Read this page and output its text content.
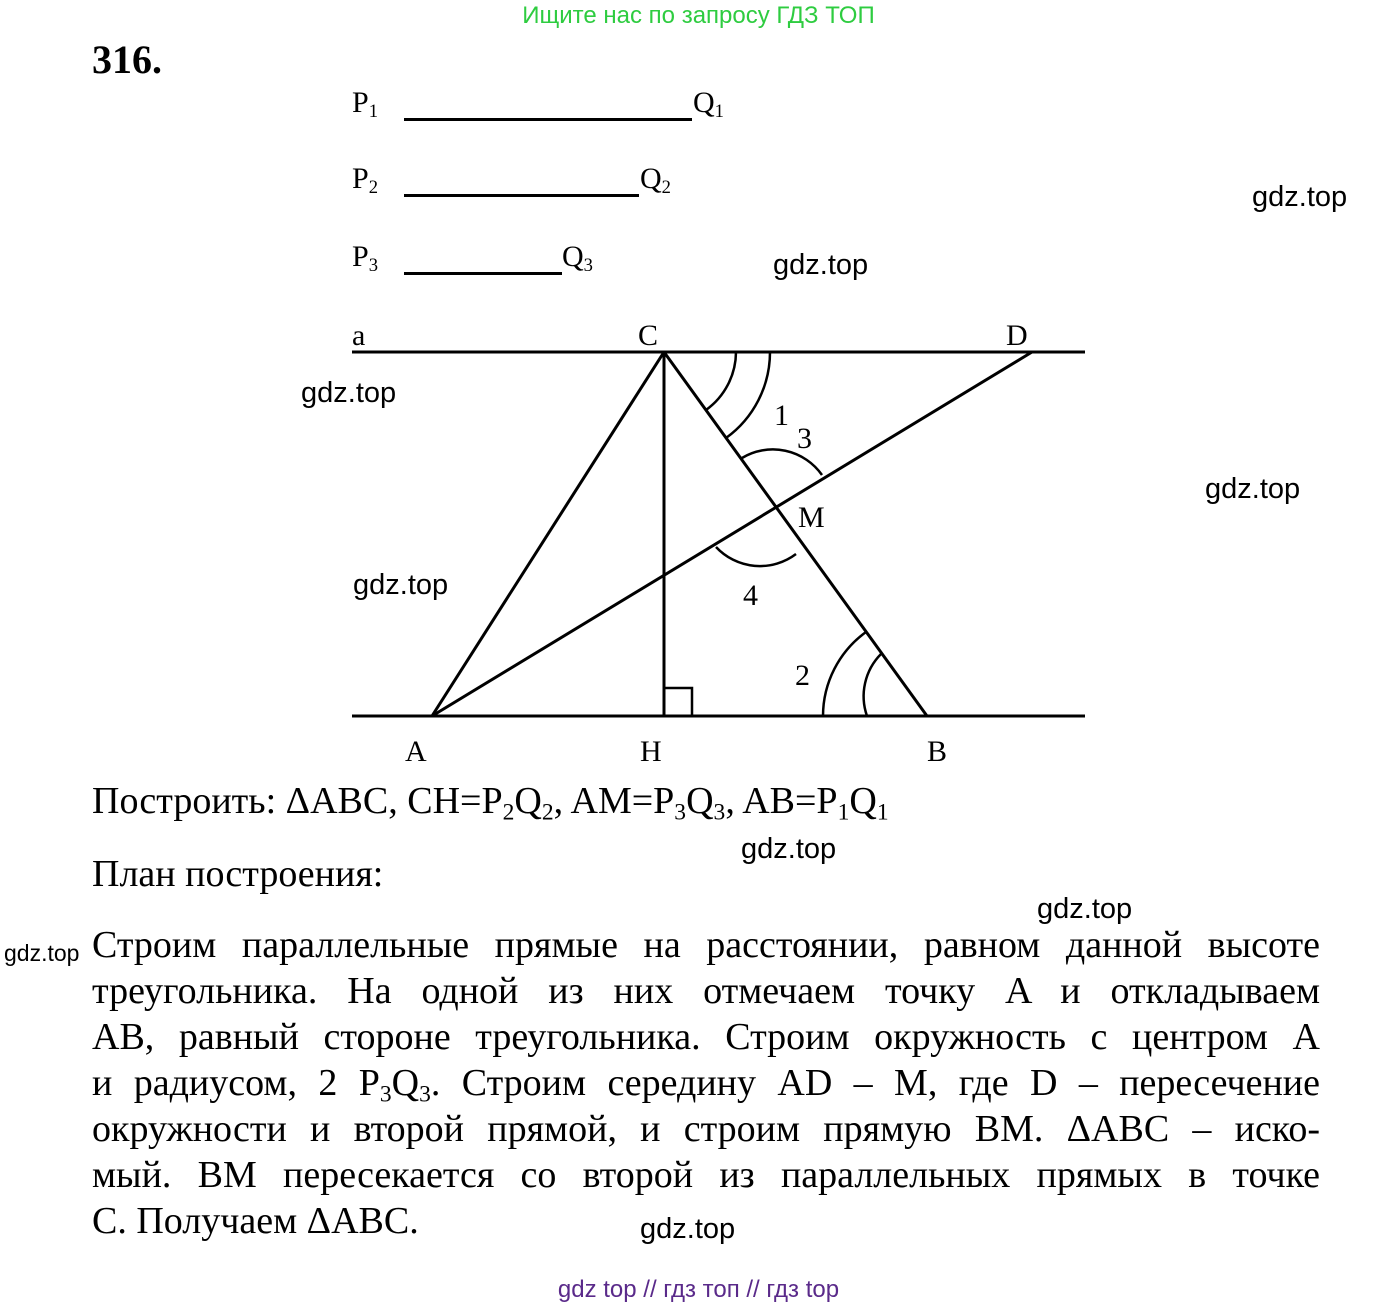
Ищите нас по запросу ГДЗ ТОП
316.
$P_1$	$Q_1$
$P_2$	$Q_2$
$P_3$	$Q_3$
a	C	D
A	H	B
M
1
3
4
2
Построить: ΔABC, $CH=P_2Q_2$, $AM=P_3Q_3$, $AB=P_1Q_1$
План построения:
Строим параллельные прямые на расстоянии, равном данной высоте
треугольника. На одной из них отмечаем точку A и откладываем
AB, равный стороне треугольника. Строим окружность с центром A
и радиусом, 2 $P_3Q_3$. Строим середину AD – M, где D – пересечение
окружности и второй прямой, и строим прямую BM. ΔABC – иско-
мый. BM пересекается со второй из параллельных прямых в точке
C. Получаем ΔABC.
gdz.top
gdz.top
gdz.top
gdz.top
gdz.top
gdz.top
gdz.top
gdz.top
gdz.top
gdz top // гдз топ // гдз top
